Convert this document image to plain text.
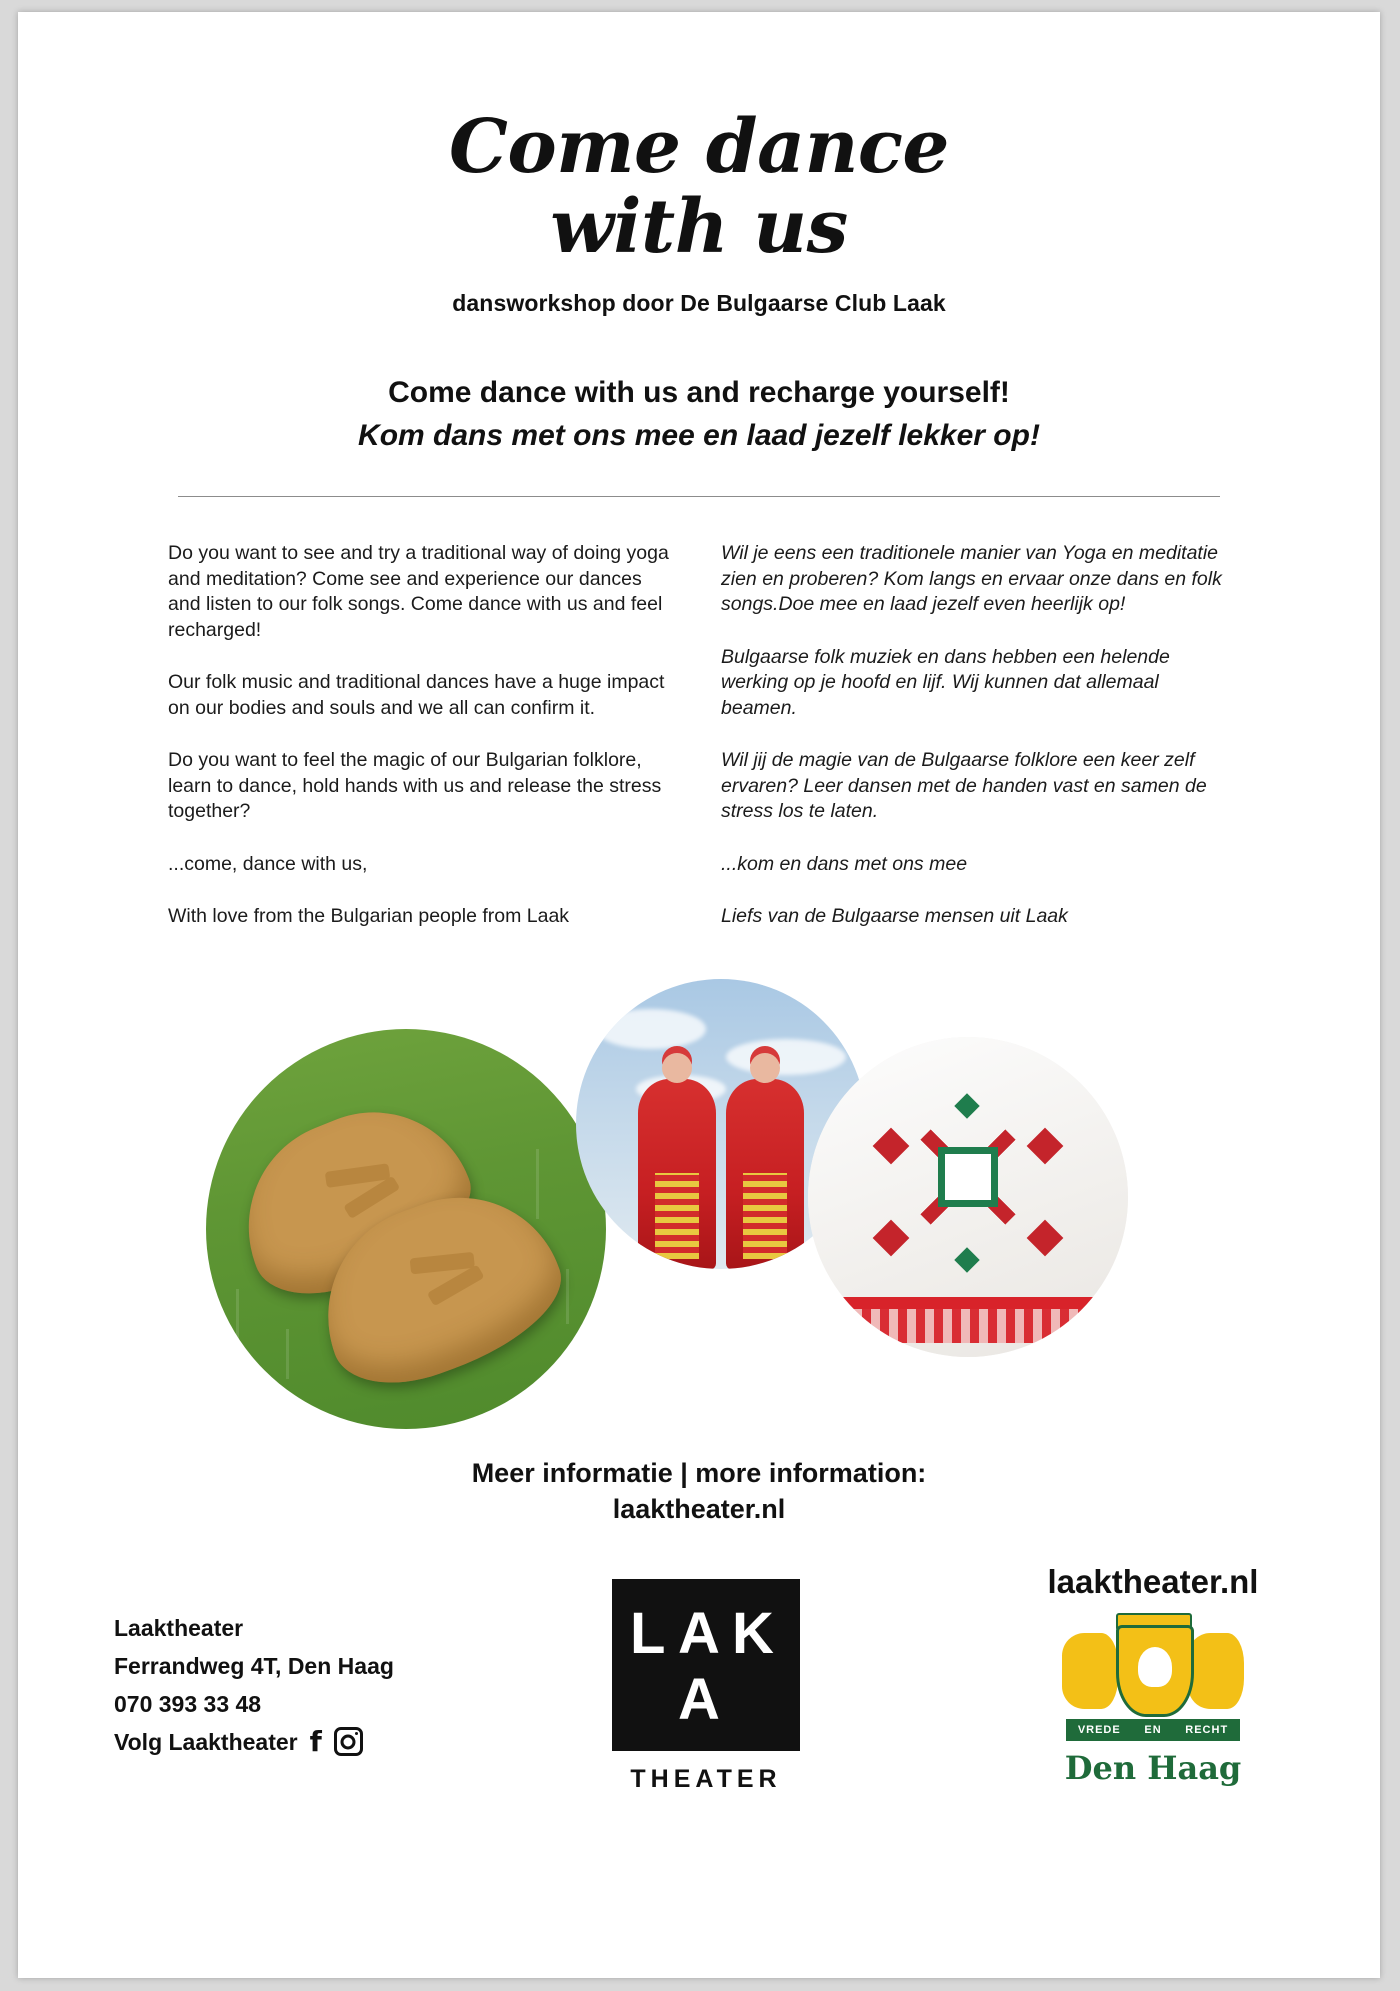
Come dance
with us
dansworkshop door De Bulgaarse Club Laak
Come dance with us and recharge yourself!
Kom dans met ons mee en laad jezelf lekker op!

Do you want to see and try a traditional way of doing yoga and meditation? Come see and experience our dances and listen to our folk songs. Come dance with us and feel recharged!

Our folk music and traditional dances have a huge impact on our bodies and souls and we all can confirm it.

Do you want to feel the magic of our Bulgarian folklore, learn to dance, hold hands with us and release the stress together?

...come, dance with us,

With love from the Bulgarian people from Laak

Wil je eens een traditionele manier van Yoga en meditatie zien en proberen? Kom langs en ervaar onze dans en folk songs.Doe mee en laad jezelf even heerlijk op!

Bulgaarse folk muziek en dans hebben een helende werking op je hoofd en lijf. Wij kunnen dat allemaal beamen.

Wil jij de magie van de Bulgaarse folklore een keer zelf ervaren? Leer dansen met de handen vast en samen de stress los te laten.

...kom en dans met ons mee

Liefs van de Bulgaarse mensen uit Laak

Meer informatie | more information:
laaktheater.nl
Laaktheater
Ferrandweg 4T, Den Haag
070 393 33 48
Volg Laaktheater f
L A K
A
THEATER
laaktheater.nl
VREDE EN RECHT
Den Haag
